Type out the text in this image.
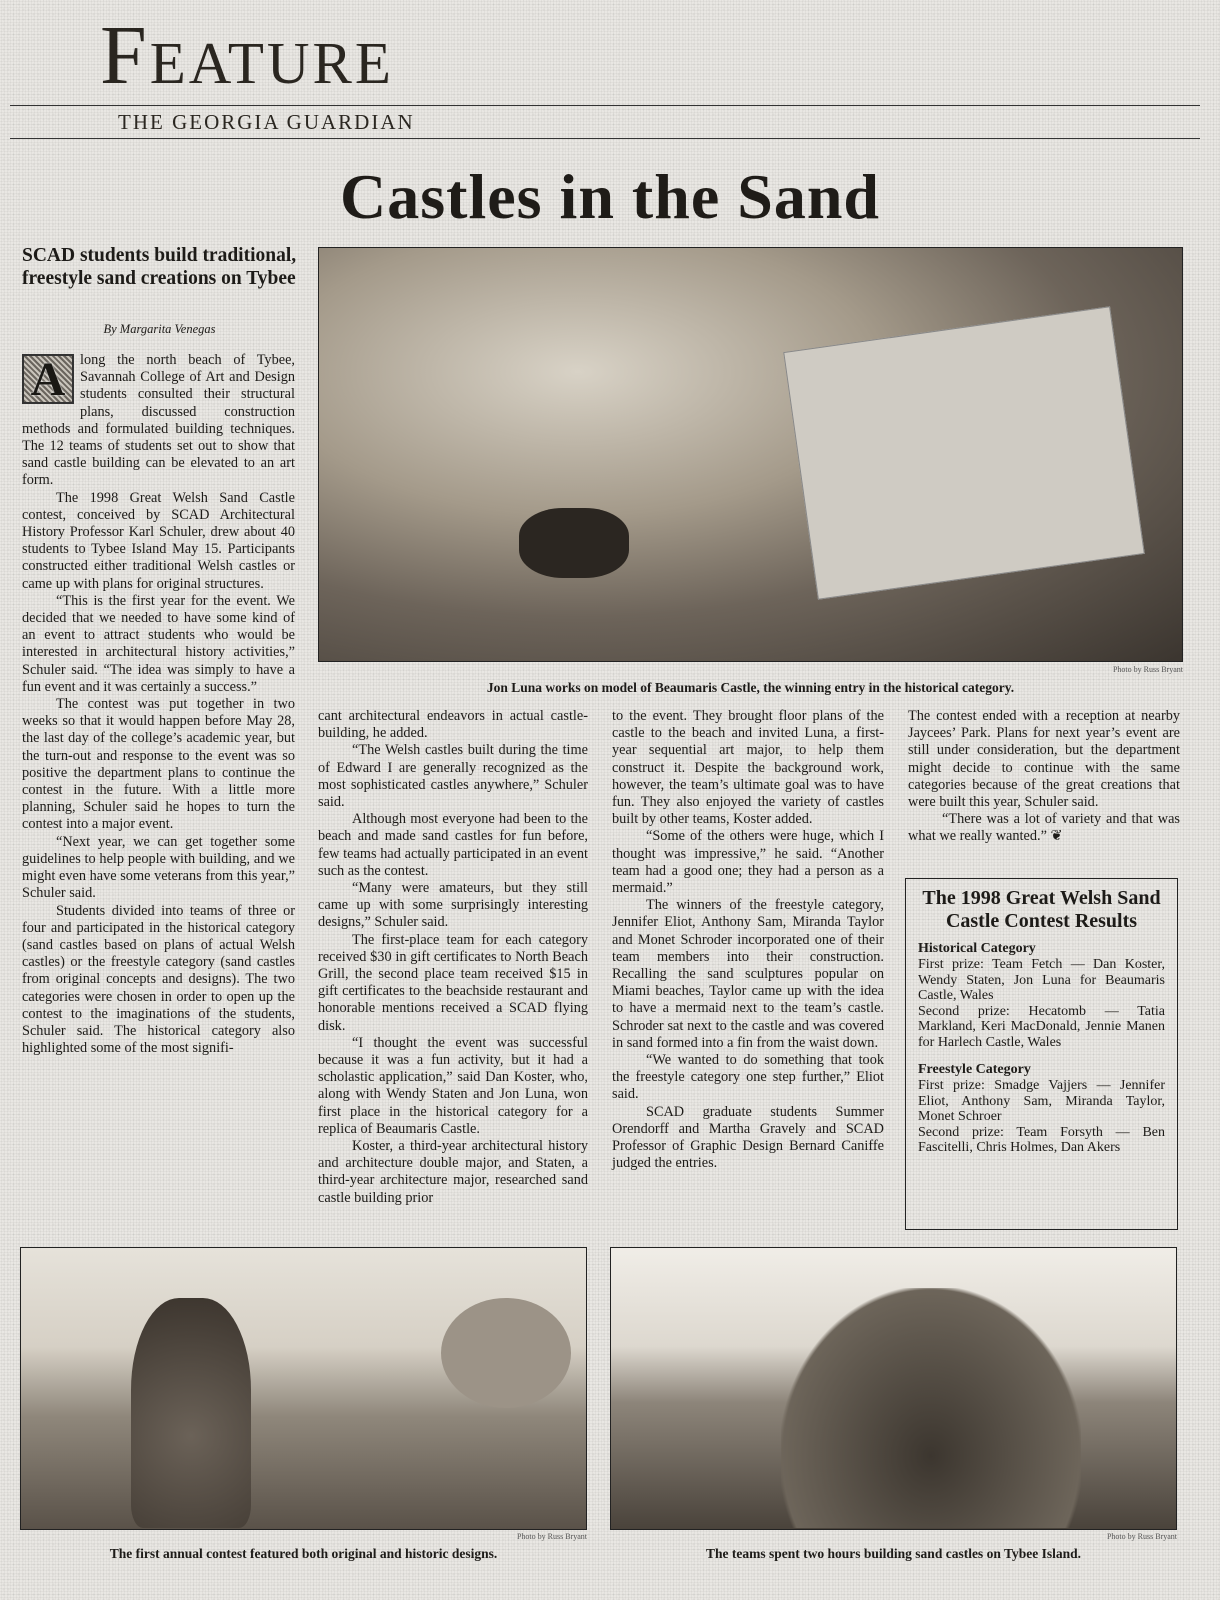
Feature
THE GEORGIA GUARDIAN
Castles in the Sand
SCAD students build traditional, freestyle sand creations on Tybee
By Margarita Venegas
A	long the north beach of Tybee, Savannah College of Art and Design students consulted their structural plans, discussed construction methods and formulated building techniques. The 12 teams of students set out to show that sand castle building can be elevated to an art form.

The 1998 Great Welsh Sand Castle contest, conceived by SCAD Architectural History Professor Karl Schuler, drew about 40 students to Tybee Island May 15. Participants constructed either traditional Welsh castles or came up with plans for original structures.

“This is the first year for the event. We decided that we needed to have some kind of an event to attract students who would be interested in architectural history activities,” Schuler said. “The idea was simply to have a fun event and it was certainly a success.”

The contest was put together in two weeks so that it would happen before May 28, the last day of the college’s academic year, but the turn-out and response to the event was so positive the department plans to continue the contest in the future. With a little more planning, Schuler said he hopes to turn the contest into a major event.

“Next year, we can get together some guidelines to help people with building, and we might even have some veterans from this year,” Schuler said.

Students divided into teams of three or four and participated in the historical category (sand castles based on plans of actual Welsh castles) or the freestyle category (sand castles from original concepts and designs). The two categories were chosen in order to open up the contest to the imaginations of the students, Schuler said. The historical category also highlighted some of the most signifi-

cant architectural endeavors in actual castle-building, he added.

“The Welsh castles built during the time of Edward I are generally recognized as the most sophisticated castles anywhere,” Schuler said.

Although most everyone had been to the beach and made sand castles for fun before, few teams had actually participated in an event such as the contest.

“Many were amateurs, but they still came up with some surprisingly interesting designs,” Schuler said.

The first-place team for each category received $30 in gift certificates to North Beach Grill, the second place team received $15 in gift certificates to the beachside restaurant and honorable mentions received a SCAD flying disk.

“I thought the event was successful because it was a fun activity, but it had a scholastic application,” said Dan Koster, who, along with Wendy Staten and Jon Luna, won first place in the historical category for a replica of Beaumaris Castle.

Koster, a third-year architectural history and architecture double major, and Staten, a third-year architecture major, researched sand castle building prior

to the event. They brought floor plans of the castle to the beach and invited Luna, a first-year sequential art major, to help them construct it. Despite the background work, however, the team’s ultimate goal was to have fun. They also enjoyed the variety of castles built by other teams, Koster added.

“Some of the others were huge, which I thought was impressive,” he said. “Another team had a good one; they had a person as a mermaid.”

The winners of the freestyle category, Jennifer Eliot, Anthony Sam, Miranda Taylor and Monet Schroder incorporated one of their team members into their construction. Recalling the sand sculptures popular on Miami beaches, Taylor came up with the idea to have a mermaid next to the team’s castle. Schroder sat next to the castle and was covered in sand formed into a fin from the waist down.

“We wanted to do something that took the freestyle category one step further,” Eliot said.

SCAD graduate students Summer Orendorff and Martha Gravely and SCAD Professor of Graphic Design Bernard Caniffe judged the entries.

The contest ended with a reception at nearby Jaycees’ Park. Plans for next year’s event are still under consideration, but the department might decide to continue with the same categories because of the great creations that were built this year, Schuler said.

“There was a lot of variety and that was what we really wanted.” ❦

Photo by Russ Bryant
Jon Luna works on model of Beaumaris Castle, the winning entry in the historical category.
The 1998 Great Welsh Sand Castle Contest Results
Historical Category

First prize: Team Fetch — Dan Koster, Wendy Staten, Jon Luna for Beaumaris Castle, Wales

Second prize: Hecatomb — Tatia Markland, Keri MacDonald, Jennie Manen for Harlech Castle, Wales

Freestyle Category

First prize: Smadge Vajjers — Jennifer Eliot, Anthony Sam, Miranda Taylor, Monet Schroer

Second prize: Team Forsyth — Ben Fascitelli, Chris Holmes, Dan Akers

Photo by Russ Bryant
The first annual contest featured both original and historic designs.
Photo by Russ Bryant
The teams spent two hours building sand castles on Tybee Island.
